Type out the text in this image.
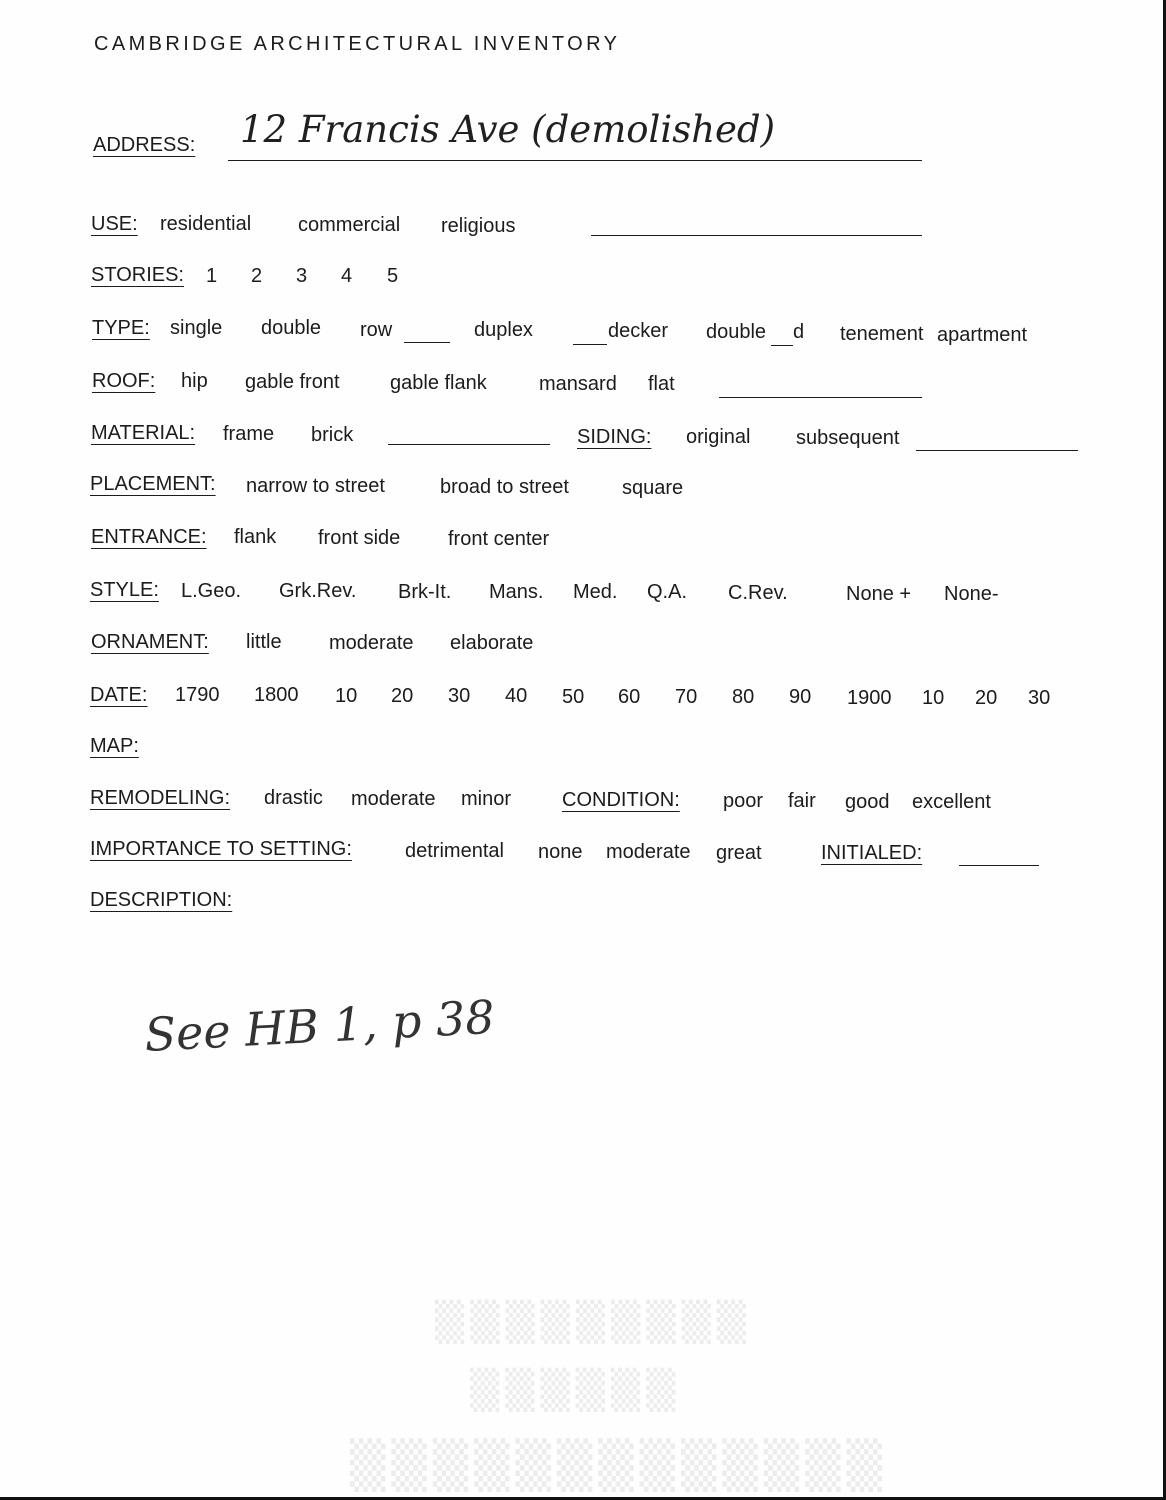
▒▒▒▒▒▒▒▒▒
▒▒▒▒▒▒
▒▒▒▒▒▒▒▒▒▒▒▒▒
CAMBRIDGE ARCHITECTURAL INVENTORY
ADDRESS: 12 Francis Ave (demolished)
USE: residential commercial religious
STORIES: 1 2 3 4 5
TYPE: single double row	duplex	decker double d tenement apartment
ROOF: hip gable front	gable flank	mansard flat
MATERIAL: frame brick	SIDING: original subsequent
PLACEMENT: narrow to street	broad to street	square
ENTRANCE: flank front side front center
STYLE: L.Geo. Grk.Rev. Brk-It. Mans. Med. Q.A. C.Rev.	None + None-
ORNAMENT: little moderate elaborate
DATE: 1790 1800 10 20 30 40 50 60 70 80 90 1900 10 20 30
MAP:
REMODELING: drastic moderate minor	CONDITION: poor fair good excellent
IMPORTANCE TO SETTING:	detrimental none moderate great	INITIALED:
DESCRIPTION:
See HB 1, p 38
